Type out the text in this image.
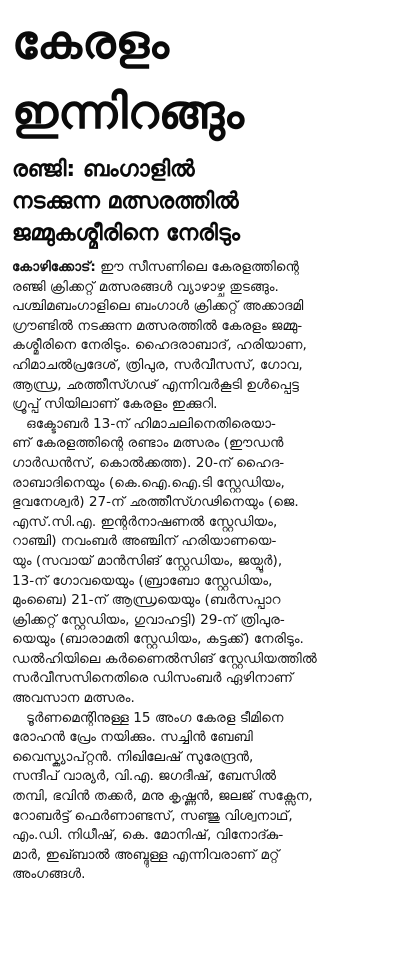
കേരളം
ഇന്നിറങ്ങും
രഞ്ജി: ബംഗാളിൽ
നടക്കുന്ന മത്സരത്തിൽ
ജമ്മുകശ്മീരിനെ നേരിടും

കോഴിക്കോട്: ഈ സീസണിലെ കേരളത്തിന്റെ
രഞ്ജി ക്രിക്കറ്റ് മത്സരങ്ങൾ വ്യാഴാഴ്ച തുടങ്ങും.
പശ്ചിമബംഗാളിലെ ബംഗാൾ ക്രിക്കറ്റ് അക്കാദമി
ഗ്രൗണ്ടിൽ നടക്കുന്ന മത്സരത്തിൽ കേരളം ജമ്മു-
കശ്മീരിനെ നേരിടും. ഹൈദരാബാദ്, ഹരിയാണ,
ഹിമാചൽപ്രദേശ്, ത്രിപുര, സർവീസസ്, ഗോവ,
ആന്ധ്ര, ഛത്തീസ്ഗഢ് എന്നിവർകൂടി ഉൾപ്പെട്ട
ഗ്രൂപ്പ് സിയിലാണ് കേരളം ഇക്കുറി.

ഒക്ടോബർ 13-ന് ഹിമാചലിനെതിരെയാ-
ണ് കേരളത്തിന്റെ രണ്ടാം മത്സരം (ഈഡൻ
ഗാർഡൻസ്, കൊൽക്കത്ത). 20-ന് ഹൈദ-
രാബാദിനെയും (കെ.ഐ.ഐ.ടി സ്റ്റേഡിയം,
ഭുവനേശ്വർ) 27-ന് ഛത്തീസ്ഗഢിനെയും (ജെ.
എസ്.സി.എ. ഇന്റർനാഷണൽ സ്റ്റേഡിയം,
റാഞ്ചി) നവംബർ അഞ്ചിന് ഹരിയാണയെ-
യും (സവായ് മാൻസിങ് സ്റ്റേഡിയം, ജയ്പൂർ),
13-ന് ഗോവയെയും (ബ്രാബോ സ്റ്റേഡിയം,
മുംബൈ) 21-ന് ആന്ധ്രയെയും (ബർസപ്പാറ
ക്രിക്കറ്റ് സ്റ്റേഡിയം, ഗുവാഹട്ടി) 29-ന് ത്രിപുര-
യെയും (ബാരാമതി സ്റ്റേഡിയം, കട്ടക്ക്) നേരിടും.
ഡൽഹിയിലെ കർണൈൽസിങ് സ്റ്റേഡിയത്തിൽ
സർവീസസിനെതിരെ ഡിസംബർ ഏഴിനാണ്
അവസാന മത്സരം.

ടൂർണമെന്റിനുള്ള 15 അംഗ കേരള ടീമിനെ
രോഹൻ പ്രേം നയിക്കും. സച്ചിൻ ബേബി
വൈസ്ക്യാപ്റ്റൻ. നിഖിലേഷ് സുരേന്ദ്രൻ,
സന്ദീപ് വാര്യർ, വി.എ. ജഗദീഷ്, ബേസിൽ
തമ്പി, ഭവിൻ തക്കർ, മനു കൃഷ്ണൻ, ജലജ് സക്സേന,
റോബർട്ട് ഫെർണാണ്ടസ്, സഞ്ജു വിശ്വനാഥ്,
എം.ഡി. നിധീഷ്, കെ. മോനിഷ്, വിനോദ്കു-
മാർ, ഇഖ്ബാൽ അബ്ദുള്ള എന്നിവരാണ് മറ്റ്
അംഗങ്ങൾ.
